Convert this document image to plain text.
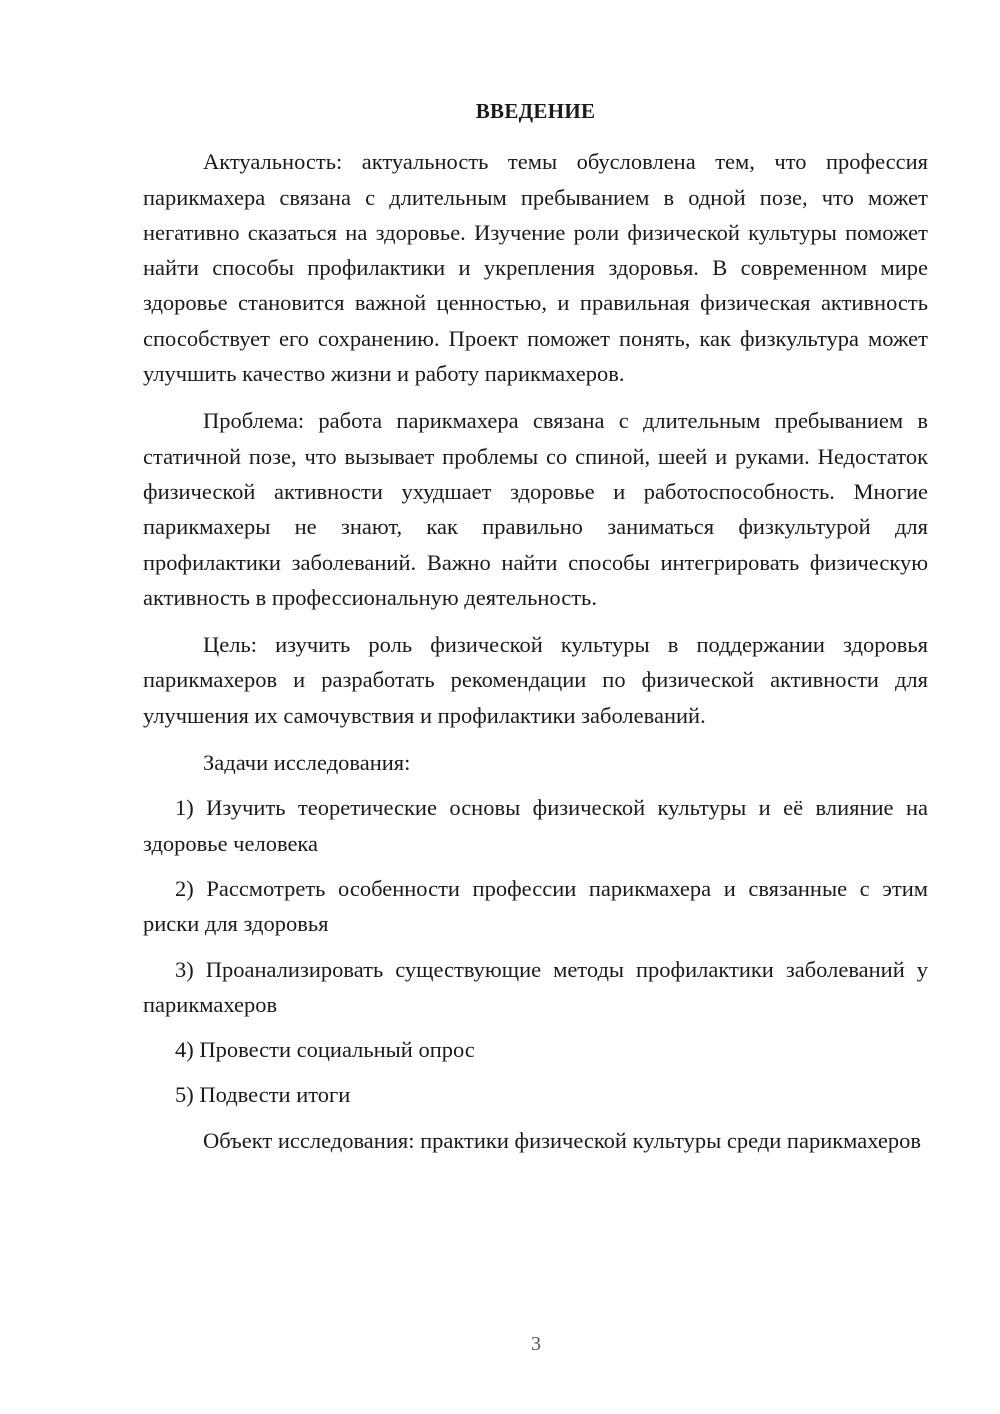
ВВЕДЕНИЕ

Актуальность: актуальность темы обусловлена тем, что профессия парикмахера связана с длительным пребыванием в одной позе, что может негативно сказаться на здоровье. Изучение роли физической культуры поможет найти способы профилактики и укрепления здоровья. В современном мире здоровье становится важной ценностью, и правильная физическая активность способствует его сохранению. Проект поможет понять, как физкультура может улучшить качество жизни и работу парикмахеров.

Проблема: работа парикмахера связана с длительным пребыванием в статичной позе, что вызывает проблемы со спиной, шеей и руками. Недостаток физической активности ухудшает здоровье и работоспособность. Многие парикмахеры не знают, как правильно заниматься физкультурой для профилактики заболеваний. Важно найти способы интегрировать физическую активность в профессиональную деятельность.

Цель: изучить роль физической культуры в поддержании здоровья парикмахеров и разработать рекомендации по физической активности для улучшения их самочувствия и профилактики заболеваний.

Задачи исследования:

1) Изучить теоретические основы физической культуры и её влияние на здоровье человека

2) Рассмотреть особенности профессии парикмахера и связанные с этим риски для здоровья

3) Проанализировать существующие методы профилактики заболеваний у парикмахеров

4) Провести социальный опрос

5) Подвести итоги

Объект исследования: практики физической культуры среди парикмахеров

3
